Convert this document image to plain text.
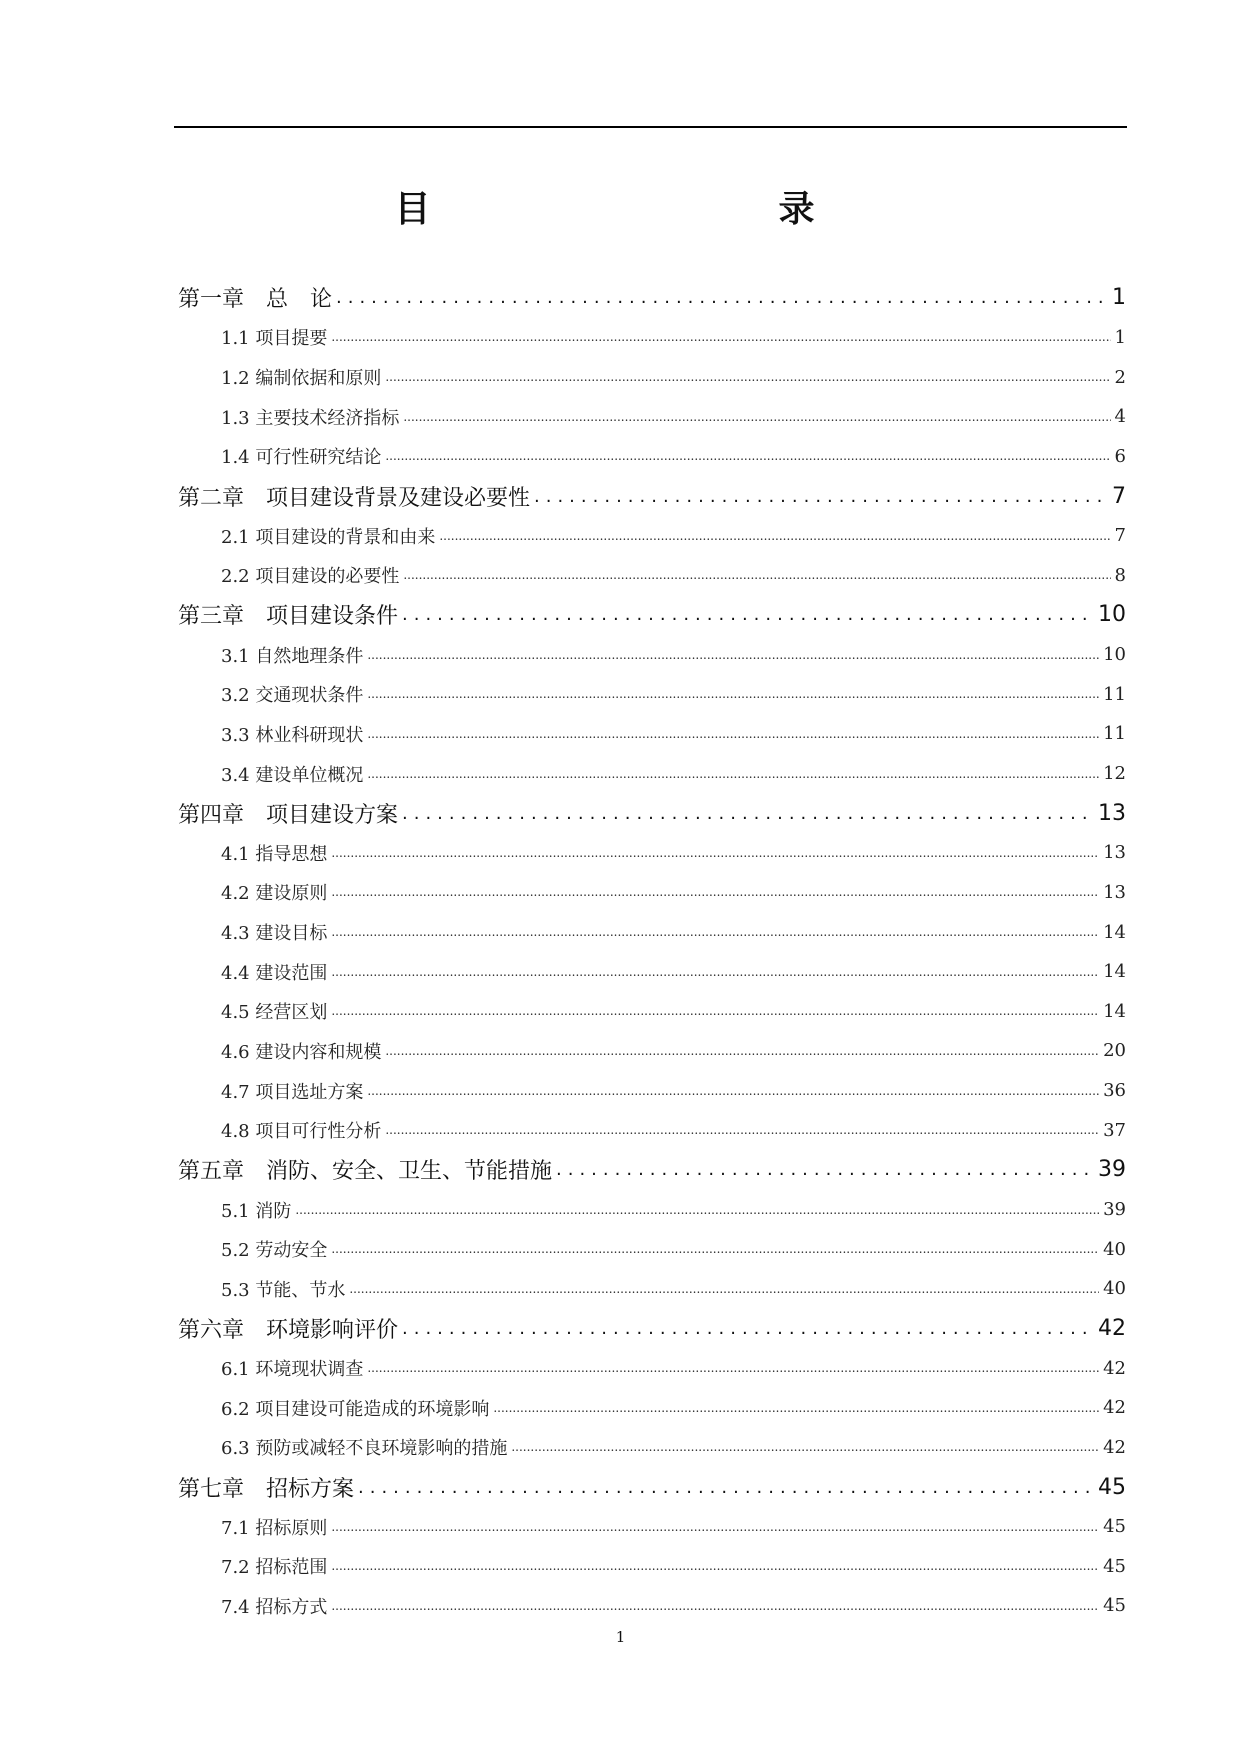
目　　录
第一章　总　论 .....	1
1.1 项目提要 .....	1
1.2 编制依据和原则 .....	2
1.3 主要技术经济指标 .....	4
1.4 可行性研究结论 .....	6
第二章　项目建设背景及建设必要性 .....	7
2.1 项目建设的背景和由来 .....	7
2.2 项目建设的必要性 .....	8
第三章　项目建设条件 .....	10
3.1 自然地理条件 .....	10
3.2 交通现状条件 .....	11
3.3 林业科研现状 .....	11
3.4 建设单位概况 .....	12
第四章　项目建设方案 .....	13
4.1 指导思想 .....	13
4.2 建设原则 .....	13
4.3 建设目标 .....	14
4.4 建设范围 .....	14
4.5 经营区划 .....	14
4.6 建设内容和规模 .....	20
4.7 项目选址方案 .....	36
4.8 项目可行性分析 .....	37
第五章　消防、安全、卫生、节能措施 .....	39
5.1 消防 .....	39
5.2 劳动安全 .....	40
5.3 节能、节水 .....	40
第六章　环境影响评价 .....	42
6.1 环境现状调查 .....	42
6.2 项目建设可能造成的环境影响 .....	42
6.3 预防或减轻不良环境影响的措施 .....	42
第七章　招标方案 .....	45
7.1 招标原则 .....	45
7.2 招标范围 .....	45
7.4 招标方式 .....	45
1
